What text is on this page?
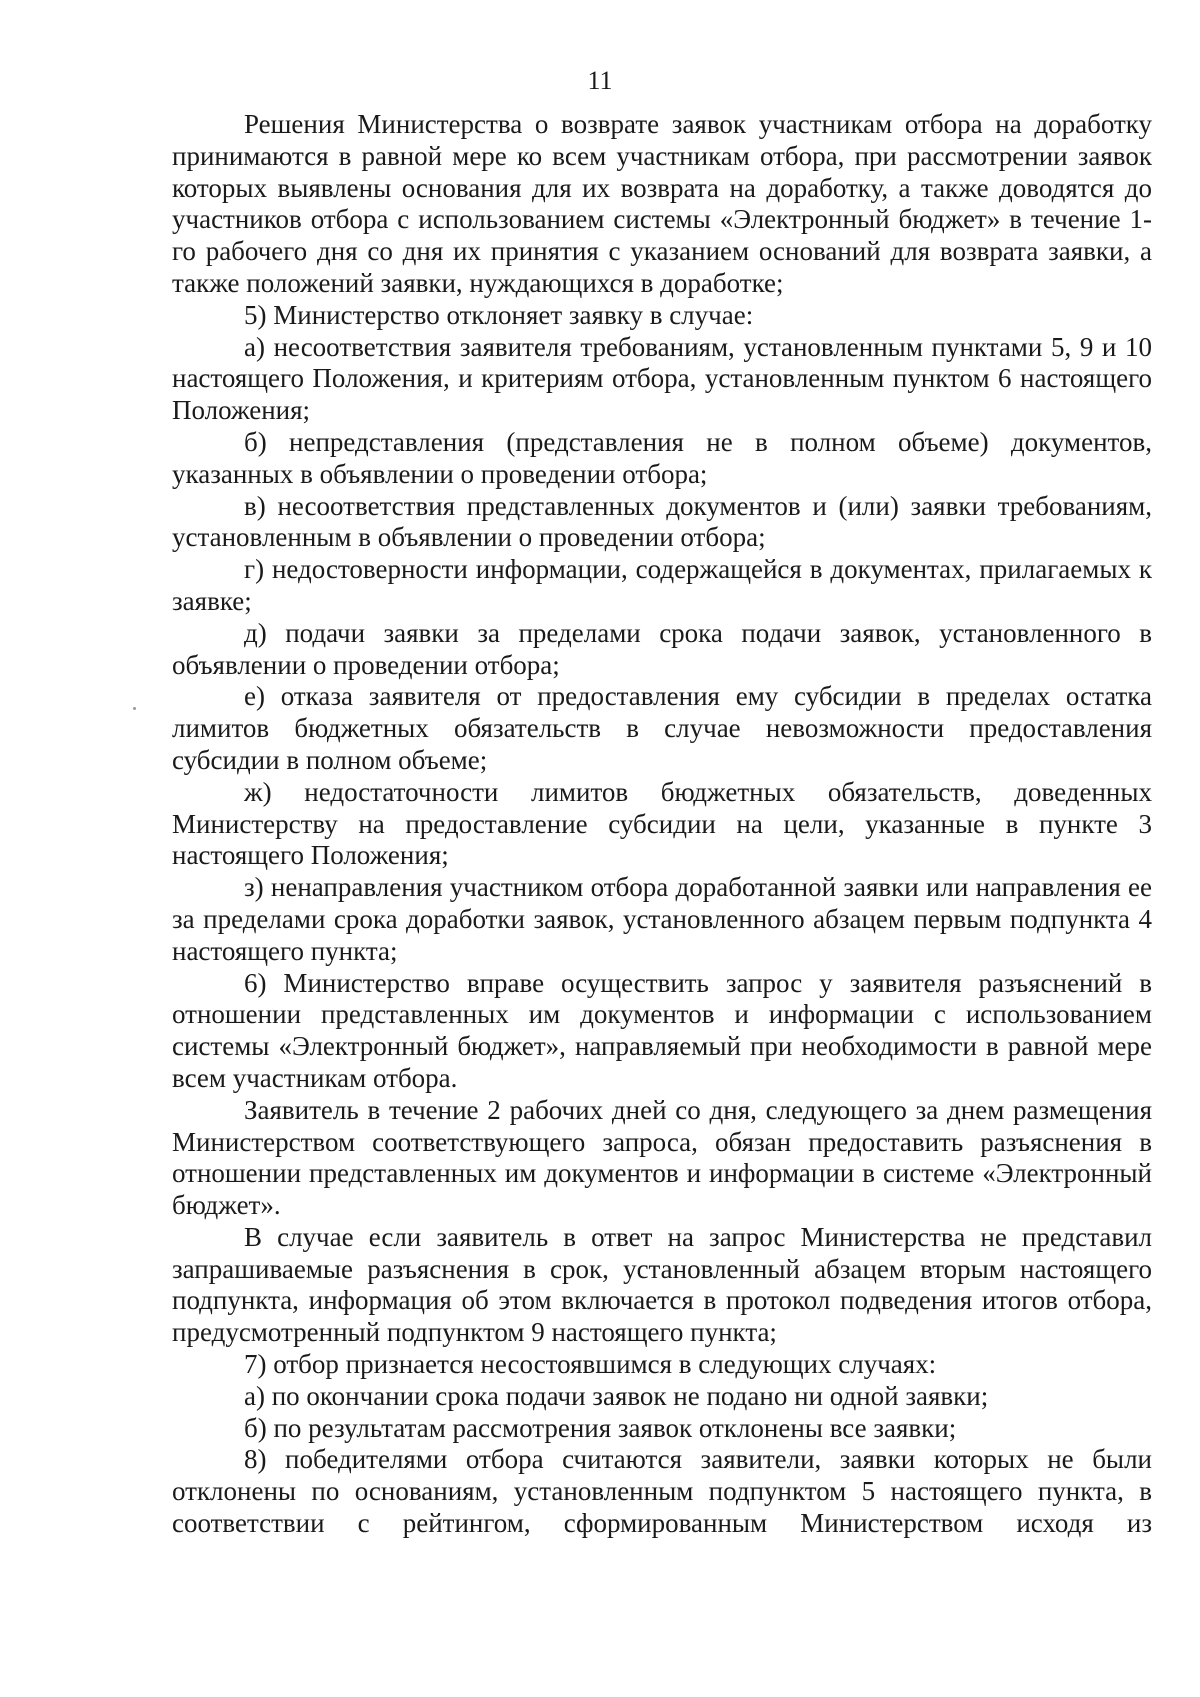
11

Решения Министерства о возврате заявок участникам отбора на доработку принимаются в равной мере ко всем участникам отбора, при рассмотрении заявок которых выявлены основания для их возврата на доработку, а также доводятся до участников отбора с использованием системы «Электронный бюджет» в течение 1-го рабочего дня со дня их принятия с указанием оснований для возврата заявки, а также положений заявки, нуждающихся в доработке;

5) Министерство отклоняет заявку в случае:

а) несоответствия заявителя требованиям, установленным пунктами 5, 9 и 10 настоящего Положения, и критериям отбора, установленным пунктом 6 настоящего Положения;

б) непредставления (представления не в полном объеме) документов, указанных в объявлении о проведении отбора;

в) несоответствия представленных документов и (или) заявки требованиям, установленным в объявлении о проведении отбора;

г) недостоверности информации, содержащейся в документах, прилагаемых к заявке;

д) подачи заявки за пределами срока подачи заявок, установленного в объявлении о проведении отбора;

е) отказа заявителя от предоставления ему субсидии в пределах остатка лимитов бюджетных обязательств в случае невозможности предоставления субсидии в полном объеме;

ж) недостаточности лимитов бюджетных обязательств, доведенных Министерству на предоставление субсидии на цели, указанные в пункте 3 настоящего Положения;

з) ненаправления участником отбора доработанной заявки или направления ее за пределами срока доработки заявок, установленного абзацем первым подпункта 4 настоящего пункта;

6) Министерство вправе осуществить запрос у заявителя разъяснений в отношении представленных им документов и информации с использованием системы «Электронный бюджет», направляемый при необходимости в равной мере всем участникам отбора.

Заявитель в течение 2 рабочих дней со дня, следующего за днем размещения Министерством соответствующего запроса, обязан предоставить разъяснения в отношении представленных им документов и информации в системе «Электронный бюджет».

В случае если заявитель в ответ на запрос Министерства не представил запрашиваемые разъяснения в срок, установленный абзацем вторым настоящего подпункта, информация об этом включается в протокол подведения итогов отбора, предусмотренный подпунктом 9 настоящего пункта;

7) отбор признается несостоявшимся в следующих случаях:

а) по окончании срока подачи заявок не подано ни одной заявки;

б) по результатам рассмотрения заявок отклонены все заявки;

8) победителями отбора считаются заявители, заявки которых не были отклонены по основаниям, установленным подпунктом 5 настоящего пункта, в соответствии с рейтингом, сформированным Министерством исходя из
